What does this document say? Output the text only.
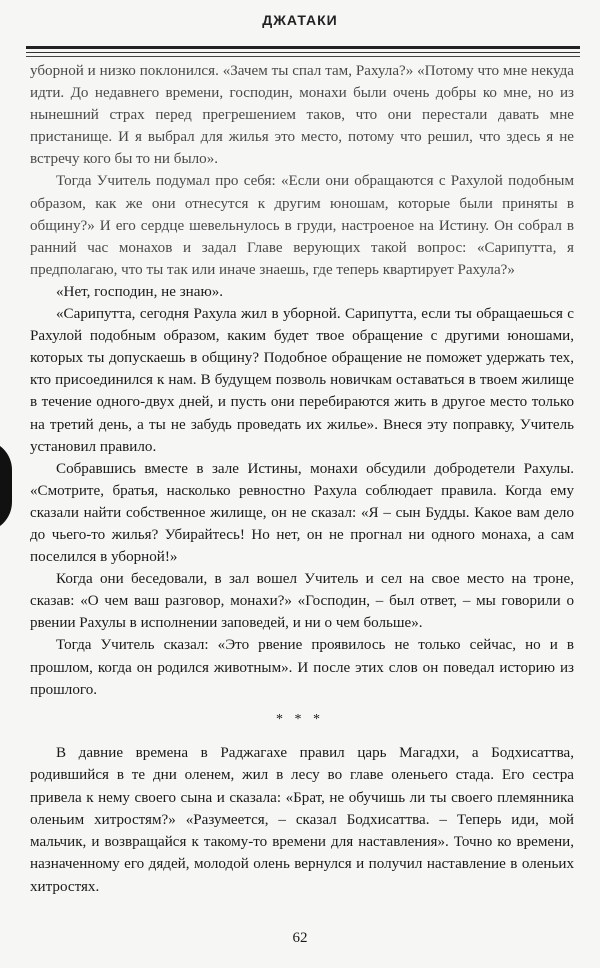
ДЖАТАКИ

уборной и низко поклонился. «Зачем ты спал там, Рахула?» «Потому что мне некуда идти. До недавнего времени, господин, монахи были очень добры ко мне, но из нынешний страх перед прегрешением таков, что они перестали давать мне пристанище. И я выбрал для жилья это место, потому что решил, что здесь я не встречу кого бы то ни было».

Тогда Учитель подумал про себя: «Если они обращаются с Рахулой подобным образом, как же они отнесутся к другим юношам, которые были приняты в общину?» И его сердце шевельнулось в груди, настроеное на Истину. Он собрал в ранний час монахов и задал Главе верующих такой вопрос: «Сарипутта, я предполагаю, что ты так или иначе знаешь, где теперь квартирует Рахула?»

«Нет, господин, не знаю».

«Сарипутта, сегодня Рахула жил в уборной. Сарипутта, если ты обращаешься с Рахулой подобным образом, каким будет твое обращение с другими юношами, которых ты допускаешь в общину? Подобное обращение не поможет удержать тех, кто присоединился к нам. В будущем позволь новичкам оставаться в твоем жилище в течение одного-двух дней, и пусть они перебираются жить в другое место только на третий день, а ты не забудь проведать их жилье». Внеся эту поправку, Учитель установил правило.

Собравшись вместе в зале Истины, монахи обсудили добродетели Рахулы. «Смотрите, братья, насколько ревностно Рахула соблюдает правила. Когда ему сказали найти собственное жилище, он не сказал: «Я – сын Будды. Какое вам дело до чьего-то жилья? Убирайтесь! Но нет, он не прогнал ни одного монаха, а сам поселился в уборной!»

Когда они беседовали, в зал вошел Учитель и сел на свое место на троне, сказав: «О чем ваш разговор, монахи?» «Господин, – был ответ, – мы говорили о рвении Рахулы в исполнении заповедей, и ни о чем больше».

Тогда Учитель сказал: «Это рвение проявилось не только сейчас, но и в прошлом, когда он родился животным». И после этих слов он поведал историю из прошлого.

* * *

В давние времена в Раджагахе правил царь Магадхи, а Бодхисаттва, родившийся в те дни оленем, жил в лесу во главе оленьего стада. Его сестра привела к нему своего сына и сказала: «Брат, не обучишь ли ты своего племянника оленьим хитростям?» «Разумеется, – сказал Бодхисаттва. – Теперь иди, мой мальчик, и возвращайся к такому-то времени для наставления». Точно ко времени, назначенному его дядей, молодой олень вернулся и получил наставление в оленьих хитростях.

62
